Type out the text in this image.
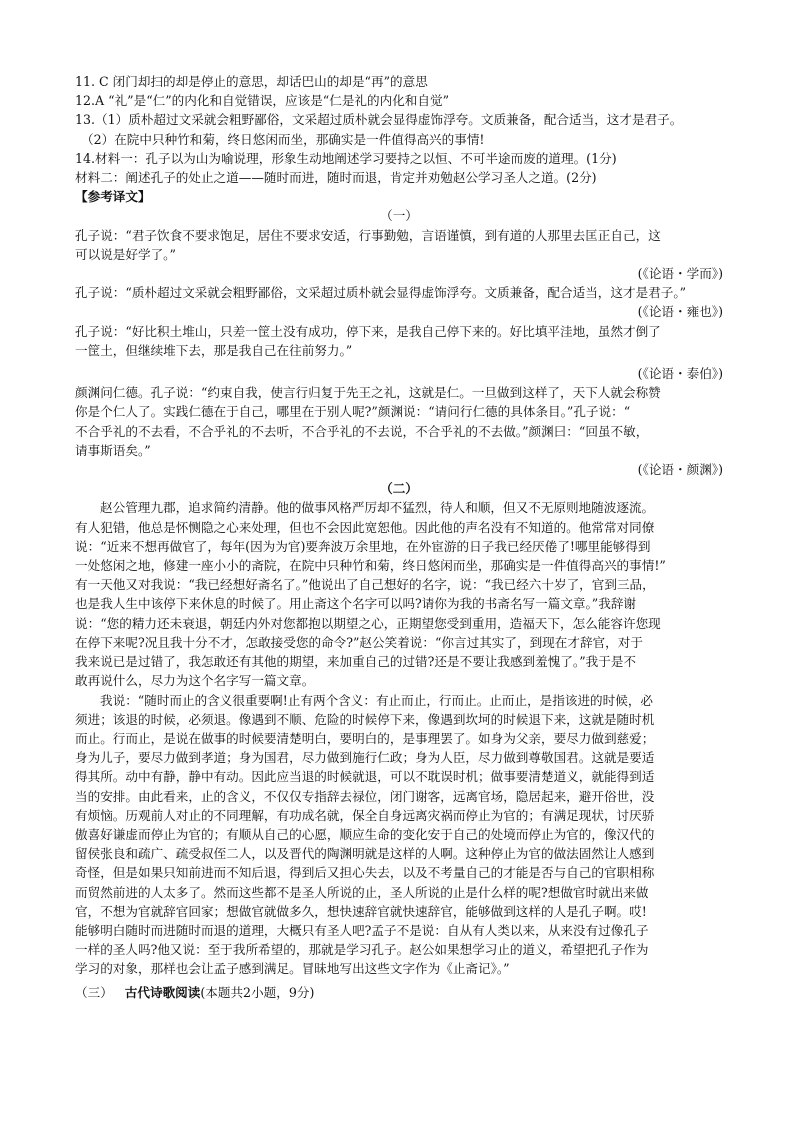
11. C 闭门却扫的却是停止的意思，却话巴山的却是“再”的意思
12.A “礼”是“仁”的内化和自觉错误，应该是“仁是礼的内化和自觉”
13.（1）质朴超过文采就会粗野鄙俗，文采超过质朴就会显得虚饰浮夸。文质兼备，配合适当，这才是君子。
（2）在院中只种竹和菊，终日悠闲而坐，那确实是一件值得高兴的事情!
14.材料一：孔子以为山为喻说理，形象生动地阐述学习要持之以恒、不可半途而废的道理。(1分)
材料二：阐述孔子的处止之道——随时而进，随时而退，肯定并劝勉赵公学习圣人之道。(2分)
【参考译文】
（一）
孔子说：“君子饮食不要求饱足，居住不要求安适，行事勤勉，言语谨慎，到有道的人那里去匡正自己，这
可以说是好学了。”
(《论语・学而》)
孔子说：“质朴超过文采就会粗野鄙俗，文采超过质朴就会显得虚饰浮夸。文质兼备，配合适当，这才是君子。”
(《论语・雍也》)
孔子说：“好比积土堆山，只差一筐土没有成功，停下来，是我自己停下来的。好比填平洼地，虽然才倒了
一筐土，但继续堆下去，那是我自己在往前努力。”
(《论语・泰伯》)
颜渊问仁德。孔子说：“约束自我，使言行归复于先王之礼，这就是仁。一旦做到这样了，天下人就会称赞
你是个仁人了。实践仁德在于自己，哪里在于别人呢?”颜渊说：“请问行仁德的具体条目。”孔子说：“
不合乎礼的不去看，不合乎礼的不去听，不合乎礼的不去说，不合乎礼的不去做。”颜渊曰：“回虽不敏，
请事斯语矣。”
(《论语・颜渊》)
（二）
赵公管理九郡，追求简约清静。他的做事风格严厉却不猛烈，待人和顺，但又不无原则地随波逐流。
有人犯错，他总是怀恻隐之心来处理，但也不会因此宽恕他。因此他的声名没有不知道的。他常常对同僚
说：“近来不想再做官了，每年(因为为官)要奔波万余里地，在外宦游的日子我已经厌倦了!哪里能够得到
一处悠闲之地，修建一座小小的斋院，在院中只种竹和菊，终日悠闲而坐，那确实是一件值得高兴的事情!”
有一天他又对我说：“我已经想好斋名了。”他说出了自己想好的名字，说：“我已经六十岁了，官到三品，
也是我人生中该停下来休息的时候了。用止斋这个名字可以吗?请你为我的书斋名写一篇文章。”我辞谢
说：“您的精力还未衰退，朝廷内外对您都抱以期望之心，正期望您受到重用，造福天下，怎么能容许您现
在停下来呢?况且我十分不才，怎敢接受您的命令?”赵公笑着说：“你言过其实了，到现在才辞官，对于
我来说已是过错了，我怎敢还有其他的期望，来加重自己的过错?还是不要让我感到羞愧了。”我于是不
敢再说什么，尽力为这个名字写一篇文章。
我说：“随时而止的含义很重要啊!止有两个含义：有止而止，行而止。止而止，是指该进的时候，必
须进；该退的时候，必须退。像遇到不顺、危险的时候停下来，像遇到坎坷的时候退下来，这就是随时机
而止。行而止，是说在做事的时候要清楚明白，要明白的，是事理罢了。如身为父亲，要尽力做到慈爱；
身为儿子，要尽力做到孝道；身为国君，尽力做到施行仁政；身为人臣，尽力做到尊敬国君。这就是要适
得其所。动中有静，静中有动。因此应当退的时候就退，可以不耽误时机；做事要清楚道义，就能得到适
当的安排。由此看来，止的含义，不仅仅专指辞去禄位，闭门谢客，远离官场，隐居起来，避开俗世，没
有烦恼。历观前人对止的不同理解，有功成名就，保全自身远离灾祸而停止为官的；有满足现状，讨厌骄
傲喜好谦虚而停止为官的；有顺从自己的心愿，顺应生命的变化安于自己的处境而停止为官的，像汉代的
留侯张良和疏广、疏受叔侄二人，以及晋代的陶渊明就是这样的人啊。这种停止为官的做法固然让人感到
奇怪，但是如果只知前进而不知后退，得到后又担心失去，以及不考量自己的才能是否与自己的官职相称
而贸然前进的人太多了。然而这些都不是圣人所说的止，圣人所说的止是什么样的呢?想做官时就出来做
官，不想为官就辞官回家；想做官就做多久，想快速辞官就快速辞官，能够做到这样的人是孔子啊。哎!
能够明白随时而进随时而退的道理，大概只有圣人吧?孟子不是说：自从有人类以来，从来没有过像孔子
一样的圣人吗?他又说：至于我所希望的，那就是学习孔子。赵公如果想学习止的道义，希望把孔子作为
学习的对象，那样也会让孟子感到满足。冒昧地写出这些文字作为《止斋记》。”
（三） 古代诗歌阅读(本题共2小题，9分)
